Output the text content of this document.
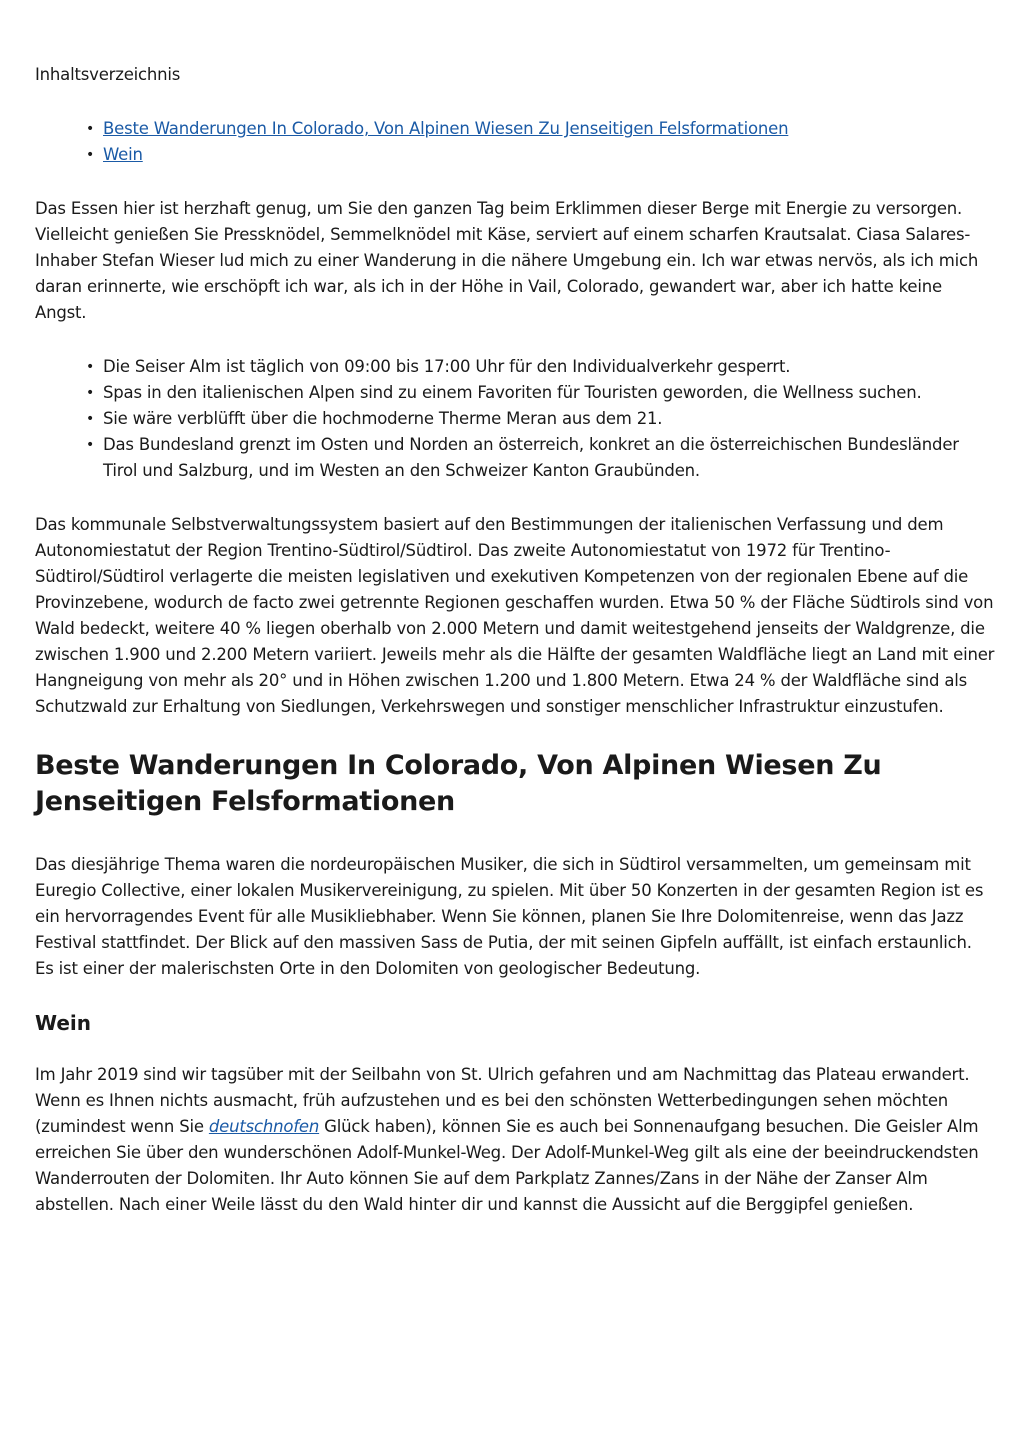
Inhaltsverzeichnis

• Beste Wanderungen In Colorado, Von Alpinen Wiesen Zu Jenseitigen Felsformationen
• Wein

Das Essen hier ist herzhaft genug, um Sie den ganzen Tag beim Erklimmen dieser Berge mit Energie zu versorgen. Vielleicht genießen Sie Pressknödel, Semmelknödel mit Käse, serviert auf einem scharfen Krautsalat. Ciasa Salares-Inhaber Stefan Wieser lud mich zu einer Wanderung in die nähere Umgebung ein. Ich war etwas nervös, als ich mich daran erinnerte, wie erschöpft ich war, als ich in der Höhe in Vail, Colorado, gewandert war, aber ich hatte keine Angst.

• Die Seiser Alm ist täglich von 09:00 bis 17:00 Uhr für den Individualverkehr gesperrt.
• Spas in den italienischen Alpen sind zu einem Favoriten für Touristen geworden, die Wellness suchen.
• Sie wäre verblüfft über die hochmoderne Therme Meran aus dem 21.
• Das Bundesland grenzt im Osten und Norden an österreich, konkret an die österreichischen Bundesländer Tirol und Salzburg, und im Westen an den Schweizer Kanton Graubünden.

Das kommunale Selbstverwaltungssystem basiert auf den Bestimmungen der italienischen Verfassung und dem Autonomiestatut der Region Trentino-Südtirol/Südtirol. Das zweite Autonomiestatut von 1972 für Trentino-Südtirol/Südtirol verlagerte die meisten legislativen und exekutiven Kompetenzen von der regionalen Ebene auf die Provinzebene, wodurch de facto zwei getrennte Regionen geschaffen wurden. Etwa 50 % der Fläche Südtirols sind von Wald bedeckt, weitere 40 % liegen oberhalb von 2.000 Metern und damit weitestgehend jenseits der Waldgrenze, die zwischen 1.900 und 2.200 Metern variiert. Jeweils mehr als die Hälfte der gesamten Waldfläche liegt an Land mit einer Hangneigung von mehr als 20° und in Höhen zwischen 1.200 und 1.800 Metern. Etwa 24 % der Waldfläche sind als Schutzwald zur Erhaltung von Siedlungen, Verkehrswegen und sonstiger menschlicher Infrastruktur einzustufen.

Beste Wanderungen In Colorado, Von Alpinen Wiesen Zu Jenseitigen Felsformationen

Das diesjährige Thema waren die nordeuropäischen Musiker, die sich in Südtirol versammelten, um gemeinsam mit Euregio Collective, einer lokalen Musikervereinigung, zu spielen. Mit über 50 Konzerten in der gesamten Region ist es ein hervorragendes Event für alle Musikliebhaber. Wenn Sie können, planen Sie Ihre Dolomitenreise, wenn das Jazz Festival stattfindet. Der Blick auf den massiven Sass de Putia, der mit seinen Gipfeln auffällt, ist einfach erstaunlich. Es ist einer der malerischsten Orte in den Dolomiten von geologischer Bedeutung.

Wein

Im Jahr 2019 sind wir tagsüber mit der Seilbahn von St. Ulrich gefahren und am Nachmittag das Plateau erwandert. Wenn es Ihnen nichts ausmacht, früh aufzustehen und es bei den schönsten Wetterbedingungen sehen möchten (zumindest wenn Sie deutschnofen Glück haben), können Sie es auch bei Sonnenaufgang besuchen. Die Geisler Alm erreichen Sie über den wunderschönen Adolf-Munkel-Weg. Der Adolf-Munkel-Weg gilt als eine der beeindruckendsten Wanderrouten der Dolomiten. Ihr Auto können Sie auf dem Parkplatz Zannes/Zans in der Nähe der Zanser Alm abstellen. Nach einer Weile lässt du den Wald hinter dir und kannst die Aussicht auf die Berggipfel genießen.
